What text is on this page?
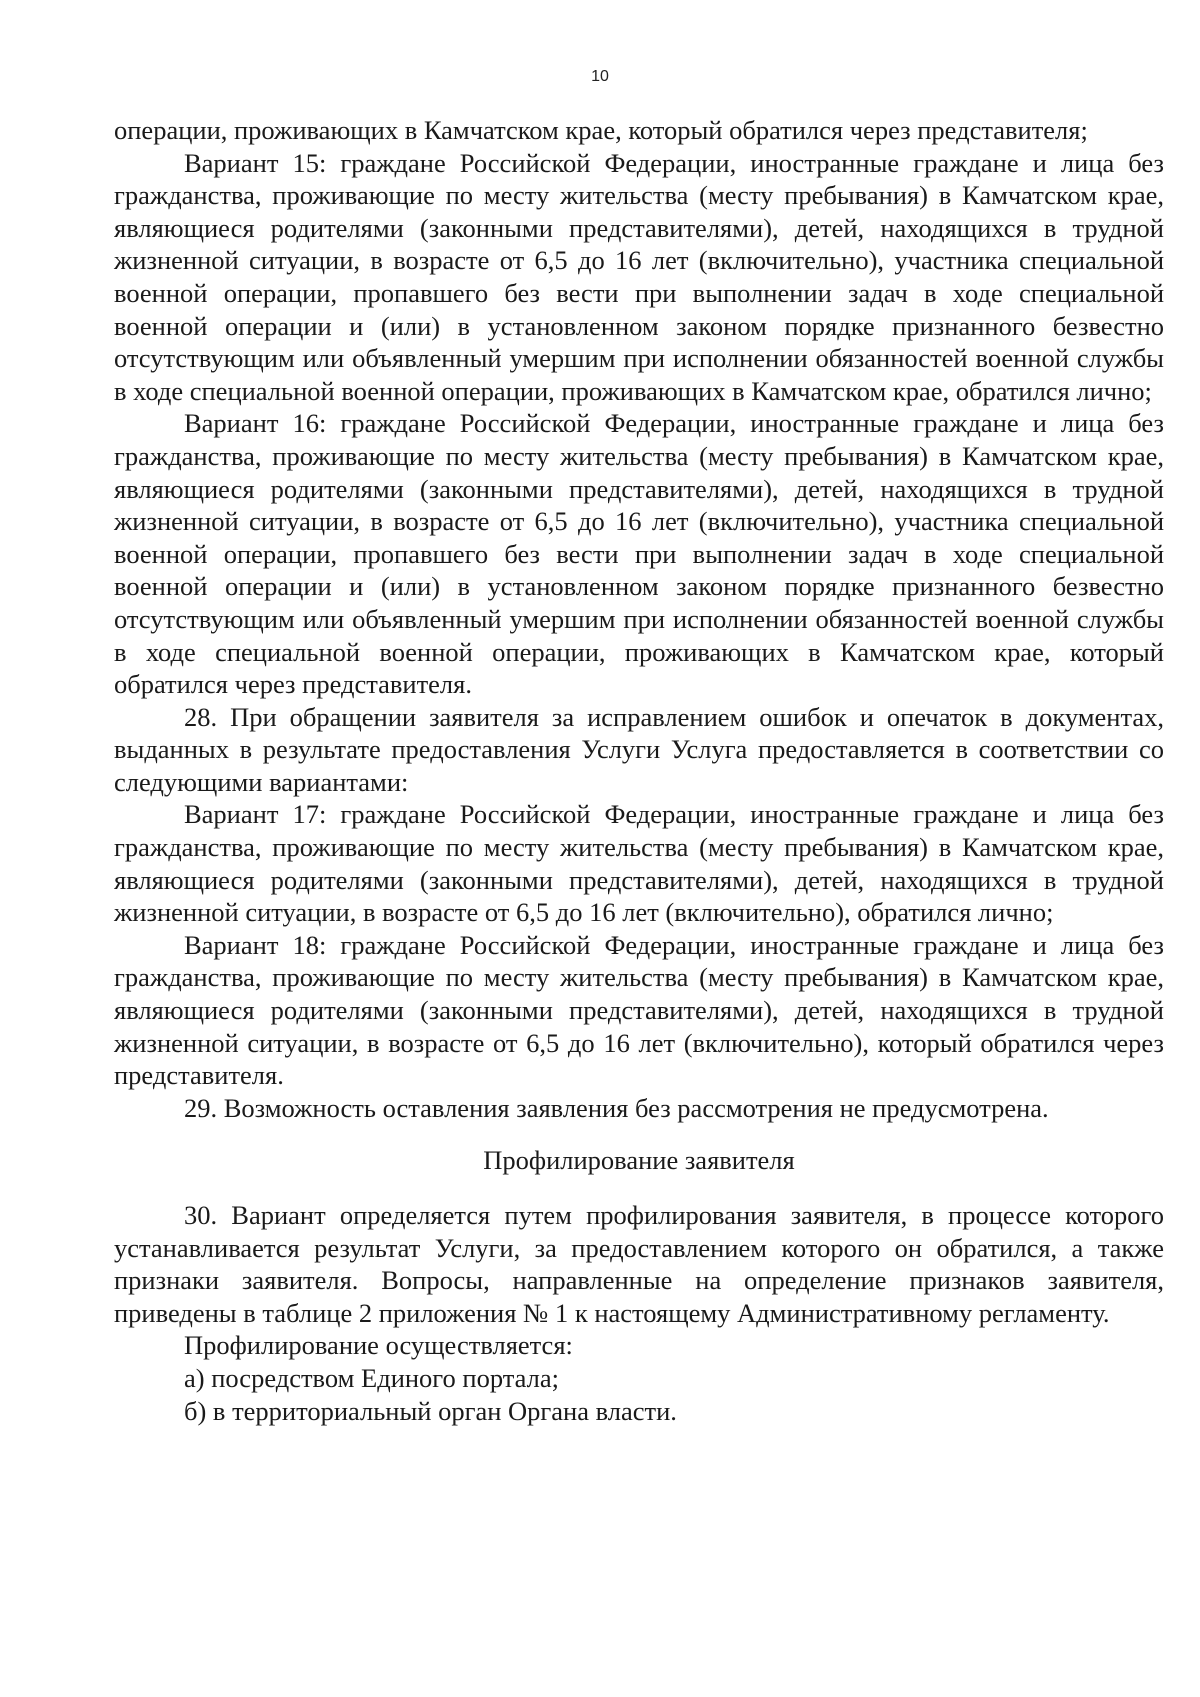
10

операции, проживающих в Камчатском крае, который обратился через представителя;

Вариант 15: граждане Российской Федерации, иностранные граждане и лица без гражданства, проживающие по месту жительства (месту пребывания) в Камчатском крае, являющиеся родителями (законными представителями), детей, находящихся в трудной жизненной ситуации, в возрасте от 6,5 до 16 лет (включительно), участника специальной военной операции, пропавшего без вести при выполнении задач в ходе специальной военной операции и (или) в установленном законом порядке признанного безвестно отсутствующим или объявленный умершим при исполнении обязанностей военной службы в ходе специальной военной операции, проживающих в Камчатском крае, обратился лично;

Вариант 16: граждане Российской Федерации, иностранные граждане и лица без гражданства, проживающие по месту жительства (месту пребывания) в Камчатском крае, являющиеся родителями (законными представителями), детей, находящихся в трудной жизненной ситуации, в возрасте от 6,5 до 16 лет (включительно), участника специальной военной операции, пропавшего без вести при выполнении задач в ходе специальной военной операции и (или) в установленном законом порядке признанного безвестно отсутствующим или объявленный умершим при исполнении обязанностей военной службы в ходе специальной военной операции, проживающих в Камчатском крае, который обратился через представителя.

28. При обращении заявителя за исправлением ошибок и опечаток в документах, выданных в результате предоставления Услуги Услуга предоставляется в соответствии со следующими вариантами:

Вариант 17: граждане Российской Федерации, иностранные граждане и лица без гражданства, проживающие по месту жительства (месту пребывания) в Камчатском крае, являющиеся родителями (законными представителями), детей, находящихся в трудной жизненной ситуации, в возрасте от 6,5 до 16 лет (включительно), обратился лично;

Вариант 18: граждане Российской Федерации, иностранные граждане и лица без гражданства, проживающие по месту жительства (месту пребывания) в Камчатском крае, являющиеся родителями (законными представителями), детей, находящихся в трудной жизненной ситуации, в возрасте от 6,5 до 16 лет (включительно), который обратился через представителя.

29. Возможность оставления заявления без рассмотрения не предусмотрена.

Профилирование заявителя

30. Вариант определяется путем профилирования заявителя, в процессе которого устанавливается результат Услуги, за предоставлением которого он обратился, а также признаки заявителя. Вопросы, направленные на определение признаков заявителя, приведены в таблице 2 приложения № 1 к настоящему Административному регламенту.

Профилирование осуществляется:

а) посредством Единого портала;

б) в территориальный орган Органа власти.
